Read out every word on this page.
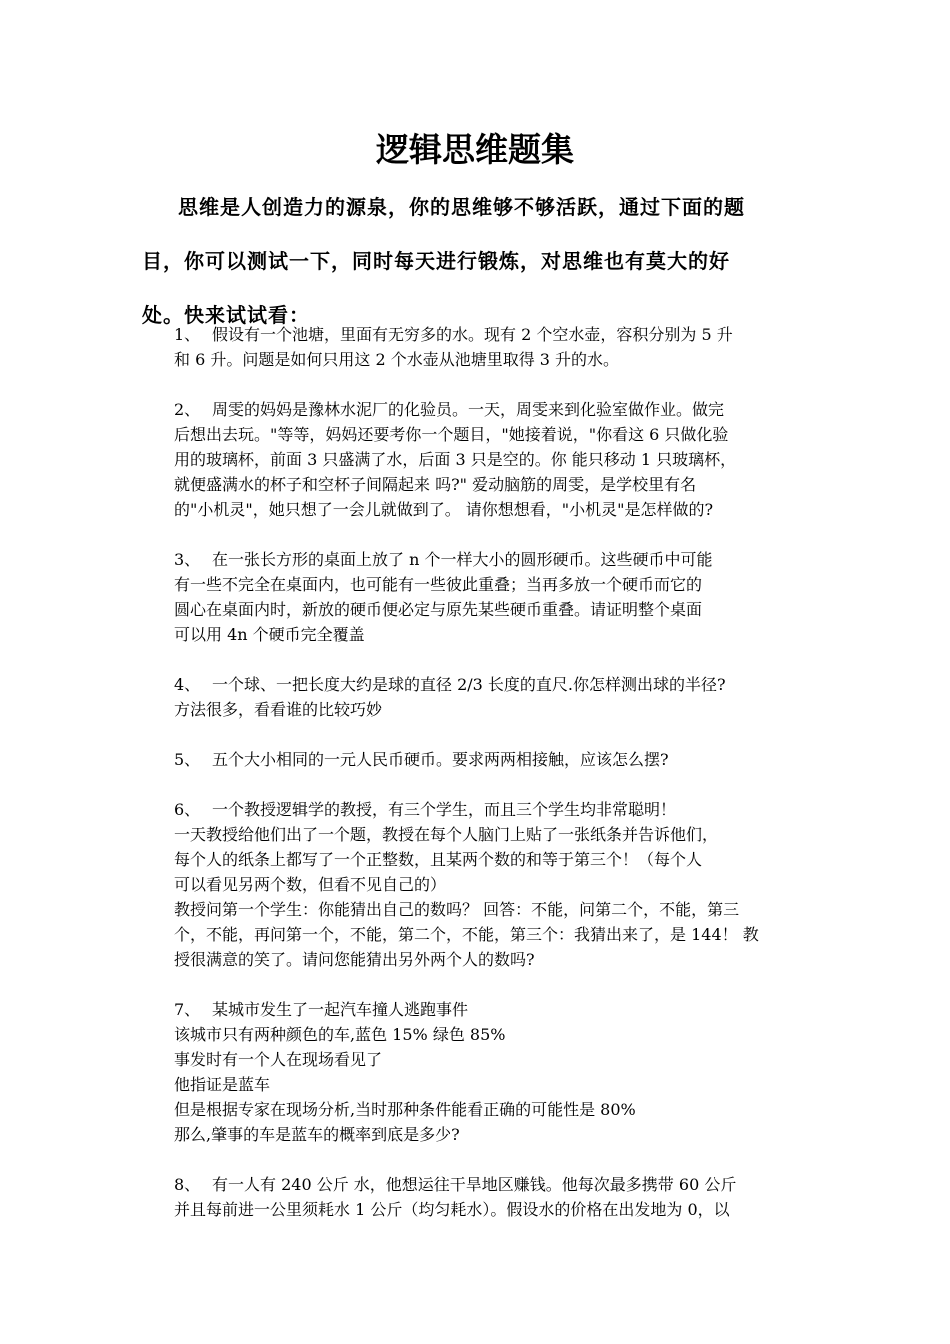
逻辑思维题集
思维是人创造力的源泉，你的思维够不够活跃，通过下面的题
目，你可以测试一下，同时每天进行锻炼，对思维也有莫大的好
处。快来试试看：
1、 假设有一个池塘，里面有无穷多的水。现有 2 个空水壶，容积分别为 5 升
和 6 升。问题是如何只用这 2 个水壶从池塘里取得 3 升的水。
2、 周雯的妈妈是豫林水泥厂的化验员。一天，周雯来到化验室做作业。做完
后想出去玩。"等等，妈妈还要考你一个题目，"她接着说，"你看这 6 只做化验
用的玻璃杯，前面 3 只盛满了水，后面 3 只是空的。你 能只移动 1 只玻璃杯，
就便盛满水的杯子和空杯子间隔起来 吗?" 爱动脑筋的周雯，是学校里有名
的"小机灵"，她只想了一会儿就做到了。 请你想想看，"小机灵"是怎样做的?
3、 在一张长方形的桌面上放了 n 个一样大小的圆形硬币。这些硬币中可能
有一些不完全在桌面内，也可能有一些彼此重叠；当再多放一个硬币而它的
圆心在桌面内时，新放的硬币便必定与原先某些硬币重叠。请证明整个桌面
可以用 4n 个硬币完全覆盖
4、 一个球、一把长度大约是球的直径 2/3 长度的直尺.你怎样测出球的半径?
方法很多，看看谁的比较巧妙
5、 五个大小相同的一元人民币硬币。要求两两相接触，应该怎么摆?
6、 一个教授逻辑学的教授，有三个学生，而且三个学生均非常聪明！
一天教授给他们出了一个题，教授在每个人脑门上贴了一张纸条并告诉他们，
每个人的纸条上都写了一个正整数，且某两个数的和等于第三个！（每个人
可以看见另两个数，但看不见自己的）
教授问第一个学生：你能猜出自己的数吗？ 回答：不能，问第二个，不能，第三
个，不能，再问第一个，不能，第二个，不能，第三个：我猜出来了，是 144！ 教
授很满意的笑了。请问您能猜出另外两个人的数吗?
7、 某城市发生了一起汽车撞人逃跑事件
该城市只有两种颜色的车,蓝色 15% 绿色 85%
事发时有一个人在现场看见了
他指证是蓝车
但是根据专家在现场分析,当时那种条件能看正确的可能性是 80%
那么,肇事的车是蓝车的概率到底是多少?
8、 有一人有 240 公斤 水，他想运往干旱地区赚钱。他每次最多携带 60 公斤
并且每前进一公里须耗水 1 公斤（均匀耗水）。假设水的价格在出发地为 0，以
